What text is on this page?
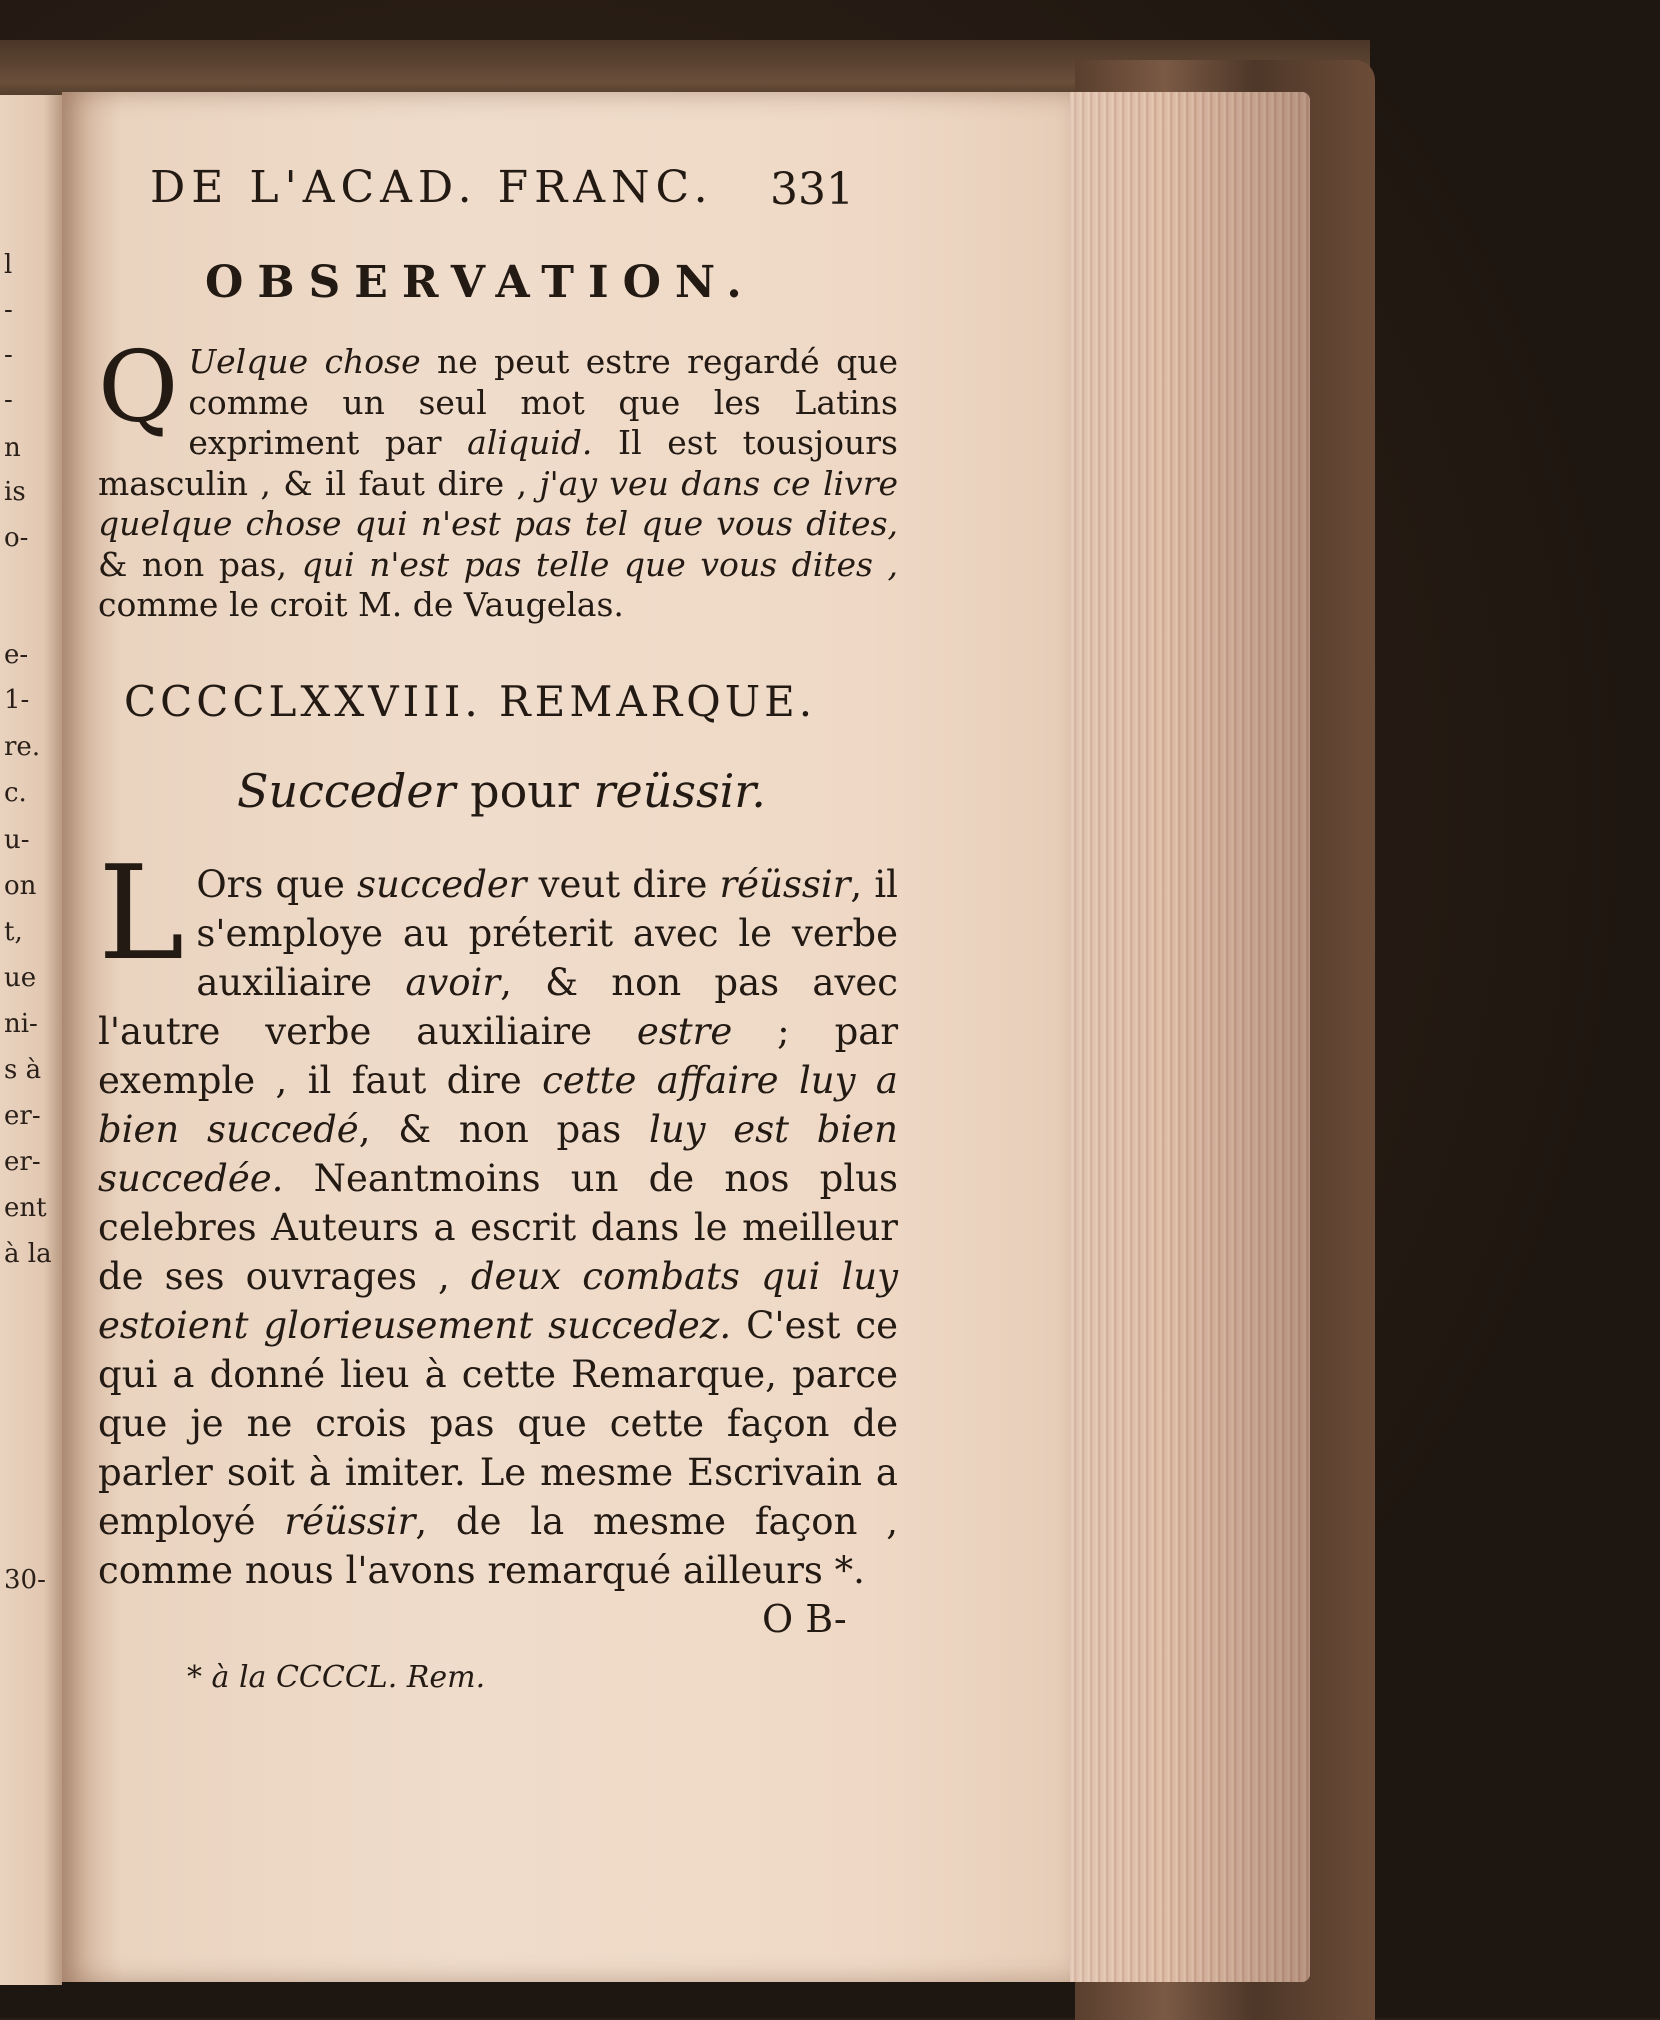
l
-
-
-
n
is
o-
e-
1-
re.
c.
u-
on
t,
ue
ni-
s à
er-
er-
ent
à la
30-
DE L'ACAD. FRANC.	331
OBSERVATION.
Q Uelque chose ne peut estre regardé que comme un seul mot que les Latins expriment par aliquid. Il est tousjours masculin , & il faut dire , j'ay veu dans ce livre quelque chose qui n'est pas tel que vous dites, & non pas, qui n'est pas telle que vous dites , comme le croit M. de Vaugelas.
CCCCLXXVIII. REMARQUE.
Succeder pour reüssir.
L Ors que succeder veut dire réüssir, il s'employe au préterit avec le verbe auxiliaire avoir, & non pas avec l'autre verbe auxiliaire estre ; par exemple , il faut dire cette affaire luy a bien succedé, & non pas luy est bien succedée. Neantmoins un de nos plus celebres Auteurs a escrit dans le meilleur de ses ouvrages , deux combats qui luy estoient glorieusement succedez. C'est ce qui a donné lieu à cette Remarque, parce que je ne crois pas que cette façon de parler soit à imiter. Le mesme Escrivain a employé réüssir, de la mesme façon , comme nous l'avons remarqué ailleurs *.
O B-
* à la CCCCL. Rem.
